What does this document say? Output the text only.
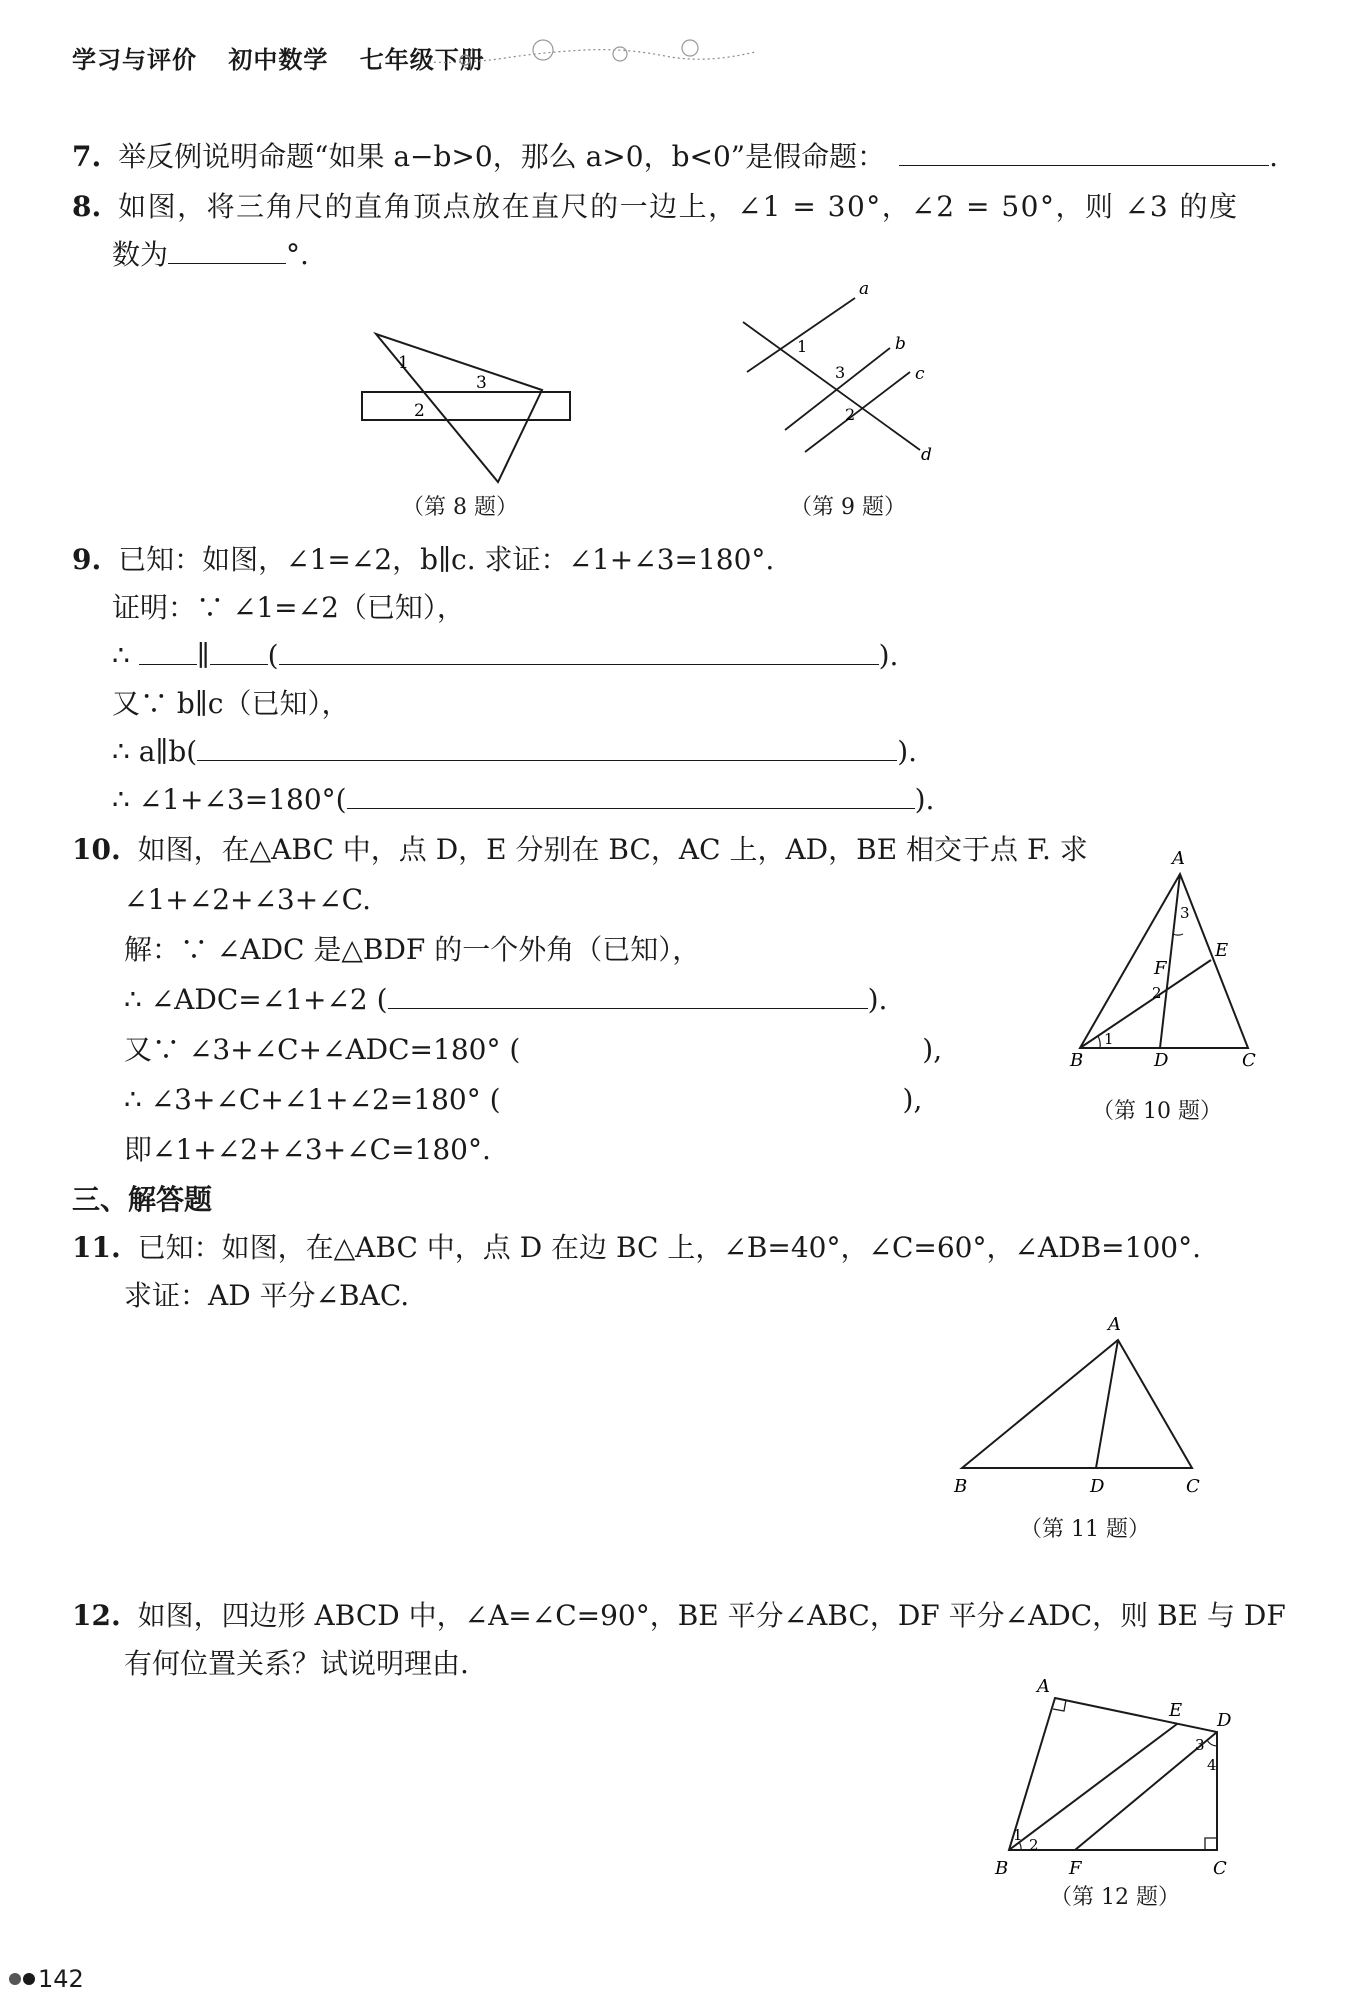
学习与评价 初中数学 七年级下册
7. 举反例说明命题“如果 a−b>0，那么 a>0，b<0”是假命题：	.
8. 如图，将三角尺的直角顶点放在直尺的一边上，∠1 = 30°，∠2 = 50°，则 ∠3 的度
数为	°.
1
3
2
（第 8 题）
a
b
c
d
1
3
2
（第 9 题）
9. 已知：如图，∠1=∠2，b∥c. 求证：∠1+∠3=180°.
证明：∵ ∠1=∠2（已知），
∴ ∥ (	).
又∵ b∥c（已知），
∴ a∥b(	).
∴ ∠1+∠3=180°(	).
10. 如图，在△ABC 中，点 D，E 分别在 BC，AC 上，AD，BE 相交于点 F. 求
∠1+∠2+∠3+∠C.
解：∵ ∠ADC 是△BDF 的一个外角（已知），
∴ ∠ADC=∠1+∠2 (	).
又∵ ∠3+∠C+∠ADC=180° (	),
∴ ∠3+∠C+∠1+∠2=180° (	),
即∠1+∠2+∠3+∠C=180°.
A
E
F
3
2
1
B	D	C
（第 10 题）
三、解答题
11. 已知：如图，在△ABC 中，点 D 在边 BC 上，∠B=40°，∠C=60°，∠ADB=100°.
求证：AD 平分∠BAC.
A
B	D	C
（第 11 题）
12. 如图，四边形 ABCD 中，∠A=∠C=90°，BE 平分∠ABC，DF 平分∠ADC，则 BE 与 DF
有何位置关系？试说明理由.
A
E D
3
4
1
2
B	F	C
（第 12 题）
142
